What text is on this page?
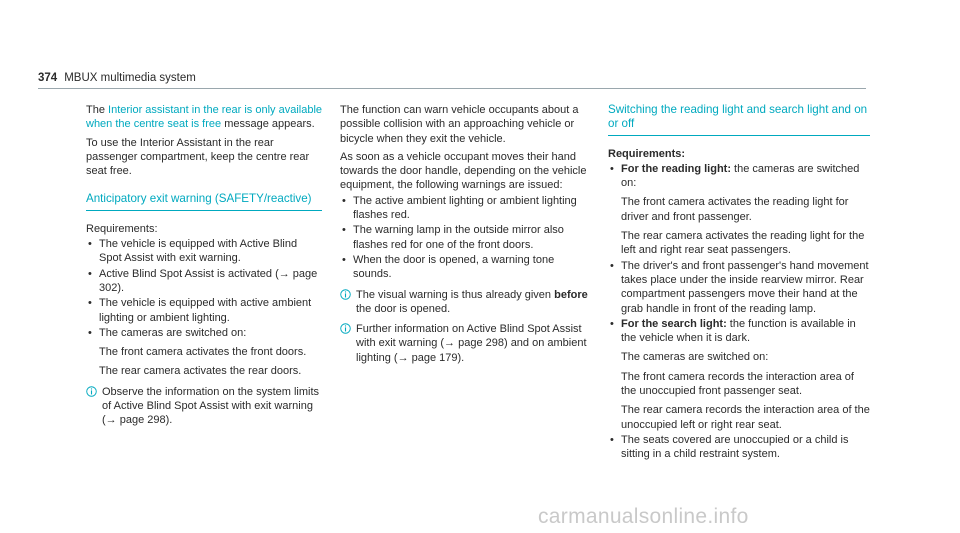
374 MBUX multimedia system

The Interior assistant in the rear is only available when the centre seat is free message appears.

To use the Interior Assistant in the rear passenger compartment, keep the centre rear seat free.

Anticipatory exit warning (SAFETY/reactive)

Requirements:

• The vehicle is equipped with Active Blind Spot Assist with exit warning.
• Active Blind Spot Assist is activated (→ page 302).
• The vehicle is equipped with active ambient lighting or ambient lighting.
• The cameras are switched on:

The front camera activates the front doors.

The rear camera activates the rear doors.

Observe the information on the system limits of Active Blind Spot Assist with exit warning (→ page 298).

The function can warn vehicle occupants about a possible collision with an approaching vehicle or bicycle when they exit the vehicle.

As soon as a vehicle occupant moves their hand towards the door handle, depending on the vehicle equipment, the following warnings are issued:

• The active ambient lighting or ambient lighting flashes red.
• The warning lamp in the outside mirror also flashes red for one of the front doors.
• When the door is opened, a warning tone sounds.
The visual warning is thus already given before the door is opened.
Further information on Active Blind Spot Assist with exit warning (→ page 298) and on ambient lighting (→ page 179).
Switching the reading light and search light and on or off

Requirements:

• For the reading light: the cameras are switched on:

The front camera activates the reading light for driver and front passenger.

The rear camera activates the reading light for the left and right rear seat passengers.

• The driver's and front passenger's hand movement takes place under the inside rearview mirror. Rear compartment passengers move their hand at the grab handle in front of the reading lamp.
• For the search light: the function is available in the vehicle when it is dark.

The cameras are switched on:

The front camera records the interaction area of the unoccupied front passenger seat.

The rear camera records the interaction area of the unoccupied left or right rear seat.

• The seats covered are unoccupied or a child is sitting in a child restraint system.
carmanualsonline.info
